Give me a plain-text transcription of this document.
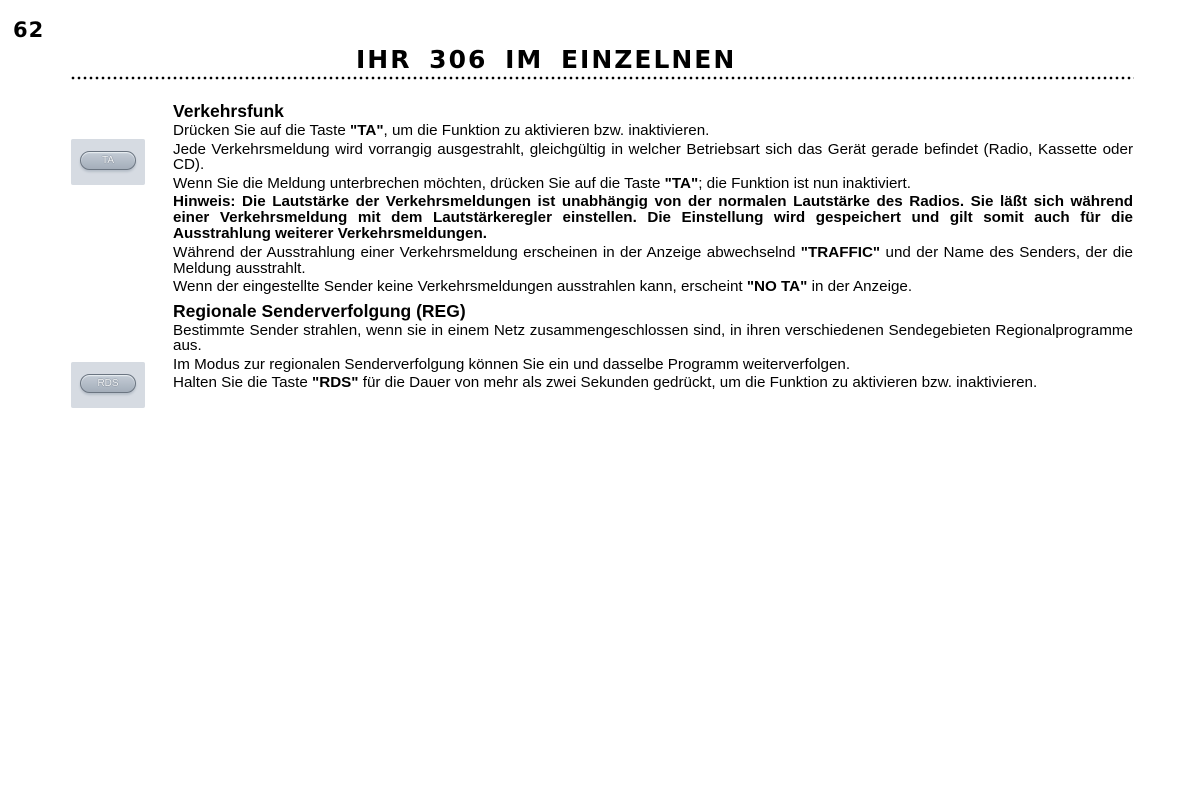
62
IHR 306 IM EINZELNEN
TA
RDS
Verkehrsfunk

Drücken Sie auf die Taste "TA", um die Funktion zu aktivieren bzw. inaktivieren.

Jede Verkehrsmeldung wird vorrangig ausgestrahlt, gleichgültig in welcher Betriebsart sich das Gerät gerade befindet (Radio, Kassette oder CD).

Wenn Sie die Meldung unterbrechen möchten, drücken Sie auf die Taste "TA"; die Funktion ist nun inaktiviert.

Hinweis: Die Lautstärke der Verkehrsmeldungen ist unabhängig von der normalen Lautstärke des Radios. Sie läßt sich während einer Verkehrsmeldung mit dem Lautstärkeregler einstellen. Die Einstellung wird gespeichert und gilt somit auch für die Ausstrahlung weiterer Verkehrsmeldungen.

Während der Ausstrahlung einer Verkehrsmeldung erscheinen in der Anzeige abwechselnd "TRAFFIC" und der Name des Senders, der die Meldung ausstrahlt.

Wenn der eingestellte Sender keine Verkehrsmeldungen ausstrahlen kann, erscheint "NO TA" in der Anzeige.

Regionale Senderverfolgung (REG)

Bestimmte Sender strahlen, wenn sie in einem Netz zusammengeschlossen sind, in ihren verschiedenen Sendegebieten Regionalprogramme aus.

Im Modus zur regionalen Senderverfolgung können Sie ein und dasselbe Programm weiterverfolgen.

Halten Sie die Taste "RDS" für die Dauer von mehr als zwei Sekunden gedrückt, um die Funktion zu aktivieren bzw. inaktivieren.
